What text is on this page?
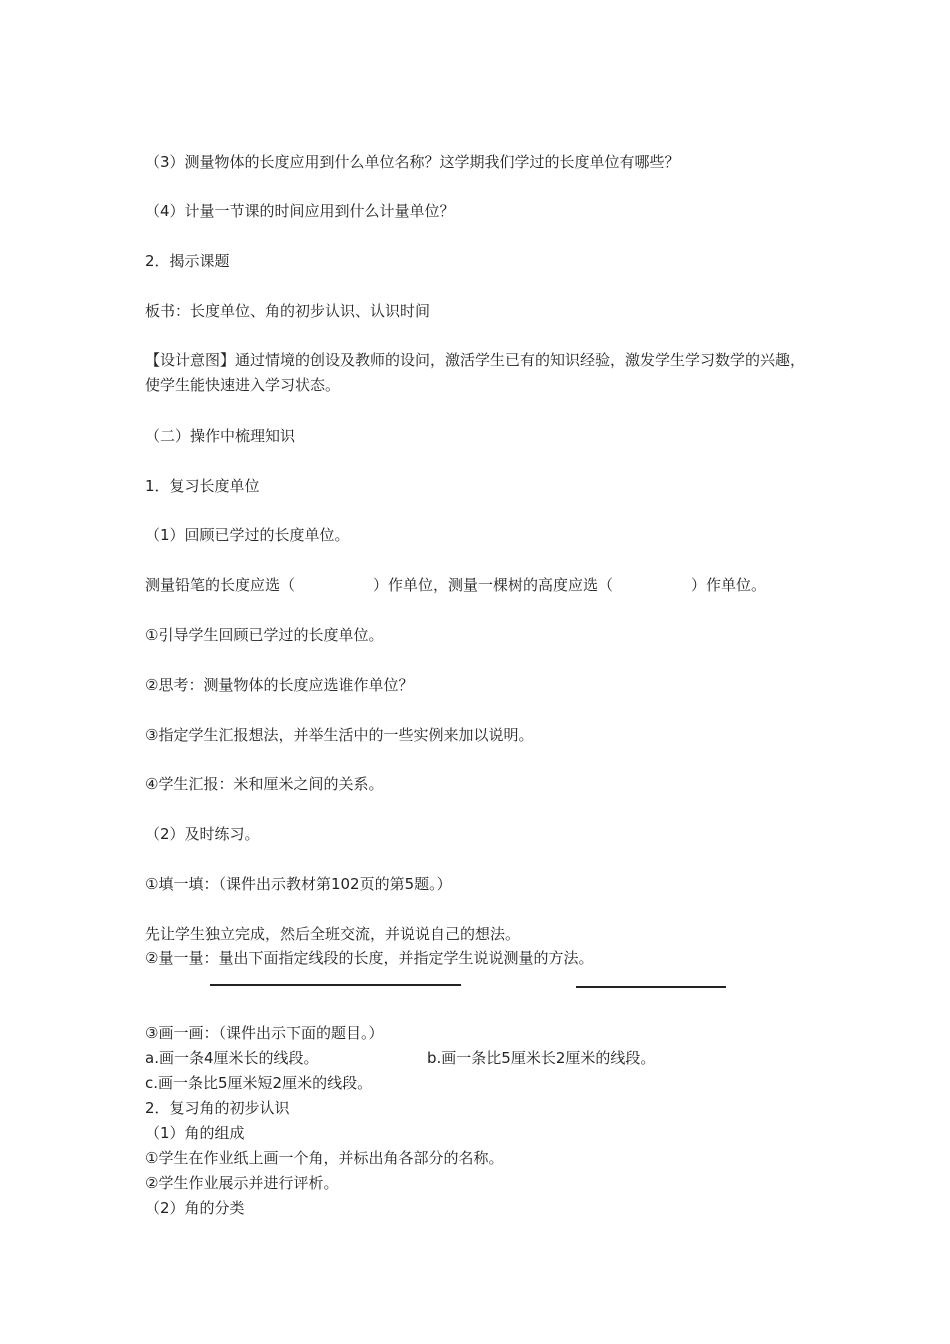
（3）测量物体的长度应用到什么单位名称？这学期我们学过的长度单位有哪些？
（4）计量一节课的时间应用到什么计量单位？
2．揭示课题
板书：长度单位、角的初步认识、认识时间
【设计意图】通过情境的创设及教师的设问，激活学生已有的知识经验，激发学生学习数学的兴趣，使学生能快速进入学习状态。
（二）操作中梳理知识
1．复习长度单位
（1）回顾已学过的长度单位。
测量铅笔的长度应选（	）作单位，测量一棵树的高度应选（	）作单位。
①引导学生回顾已学过的长度单位。
②思考：测量物体的长度应选谁作单位？
③指定学生汇报想法，并举生活中的一些实例来加以说明。
④学生汇报：米和厘米之间的关系。
（2）及时练习。
①填一填：（课件出示教材第102页的第5题。）
先让学生独立完成，然后全班交流，并说说自己的想法。
②量一量：量出下面指定线段的长度，并指定学生说说测量的方法。
③画一画：（课件出示下面的题目。）
a.画一条4厘米长的线段。	b.画一条比5厘米长2厘米的线段。
c.画一条比5厘米短2厘米的线段。
2．复习角的初步认识
（1）角的组成
①学生在作业纸上画一个角，并标出角各部分的名称。
②学生作业展示并进行评析。
（2）角的分类
